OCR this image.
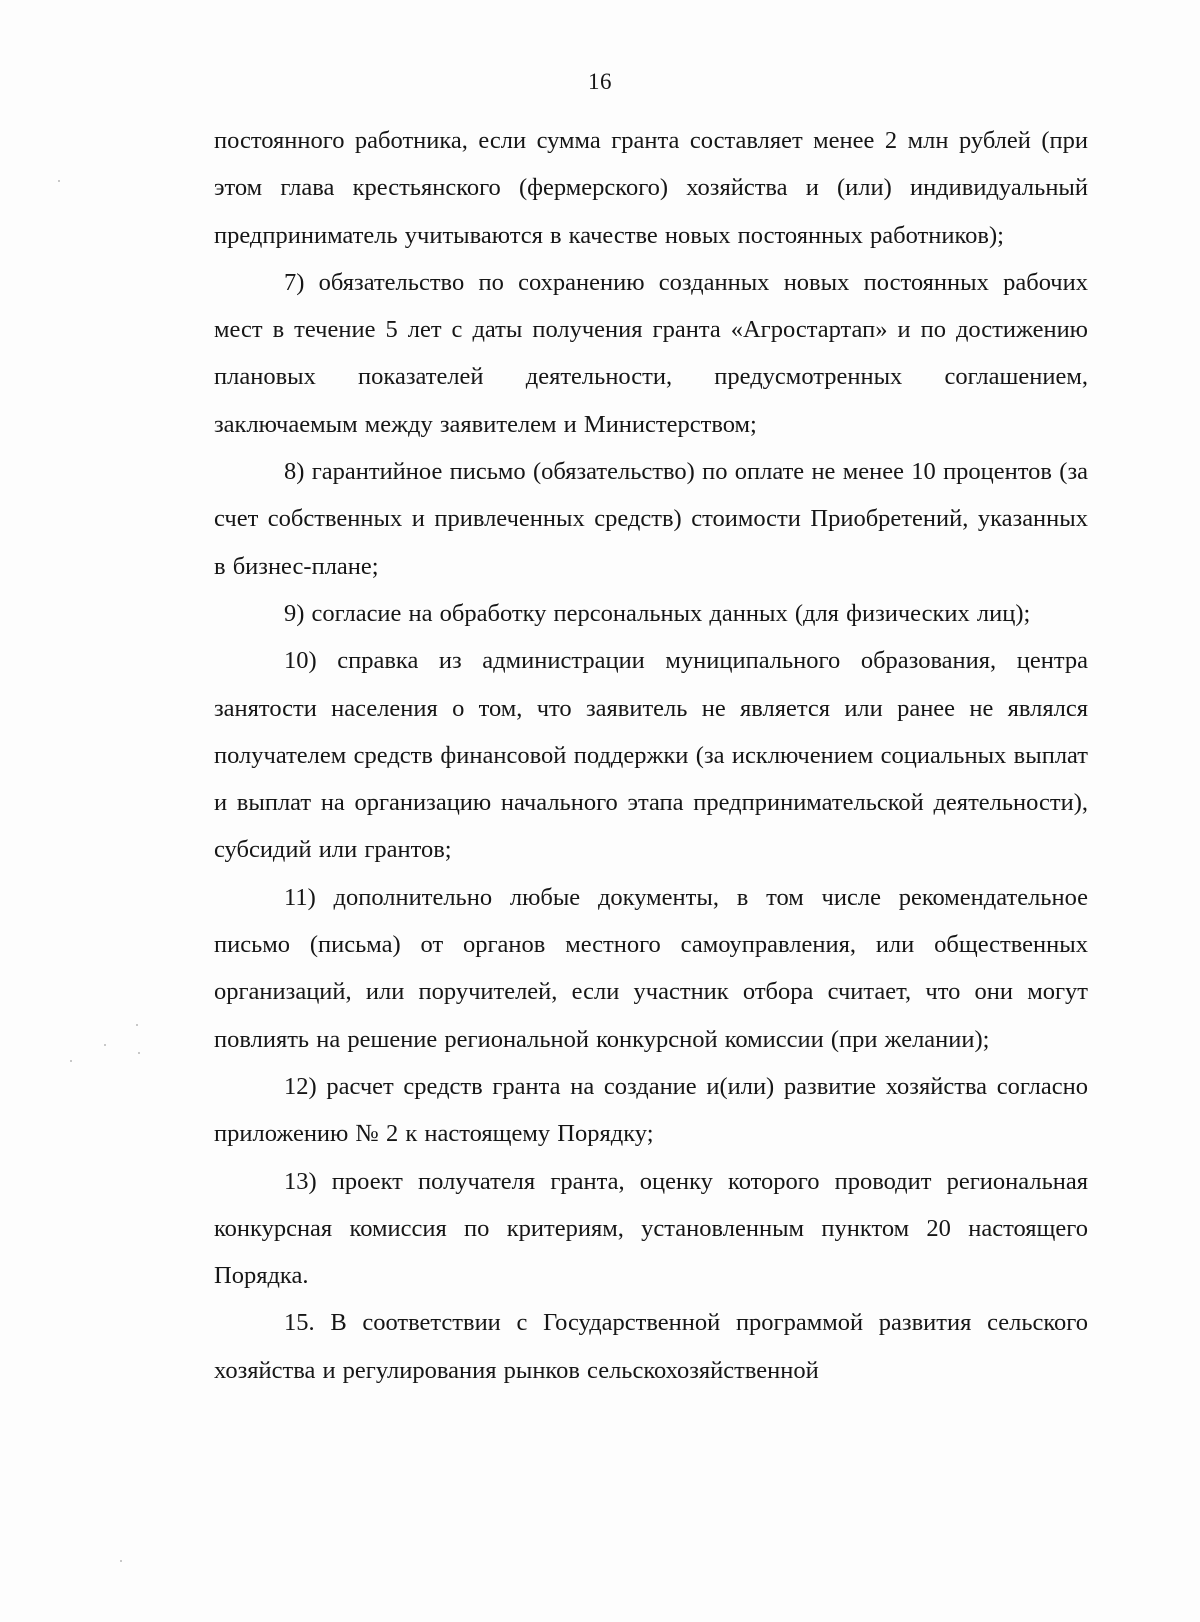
16

постоянного работника, если сумма гранта составляет менее 2 млн рублей (при этом глава крестьянского (фермерского) хозяйства и (или) индивидуальный предприниматель учитываются в качестве новых постоянных работников);

7) обязательство по сохранению созданных новых постоянных рабочих мест в течение 5 лет с даты получения гранта «Агростартап» и по достижению плановых показателей деятельности, предусмотренных соглашением, заключаемым между заявителем и Министерством;

8) гарантийное письмо (обязательство) по оплате не менее 10 процентов (за счет собственных и привлеченных средств) стоимости Приобретений, указанных в бизнес-плане;

9) согласие на обработку персональных данных (для физических лиц);

10) справка из администрации муниципального образования, центра занятости населения о том, что заявитель не является или ранее не являлся получателем средств финансовой поддержки (за исключением социальных выплат и выплат на организацию начального этапа предпринимательской деятельности), субсидий или грантов;

11) дополнительно любые документы, в том числе рекомендательное письмо (письма) от органов местного самоуправления, или общественных организаций, или поручителей, если участник отбора считает, что они могут повлиять на решение региональной конкурсной комиссии (при желании);

12) расчет средств гранта на создание и(или) развитие хозяйства согласно приложению № 2 к настоящему Порядку;

13) проект получателя гранта, оценку которого проводит региональная конкурсная комиссия по критериям, установленным пунктом 20 настоящего Порядка.

15. В соответствии с Государственной программой развития сельского хозяйства и регулирования рынков сельскохозяйственной
